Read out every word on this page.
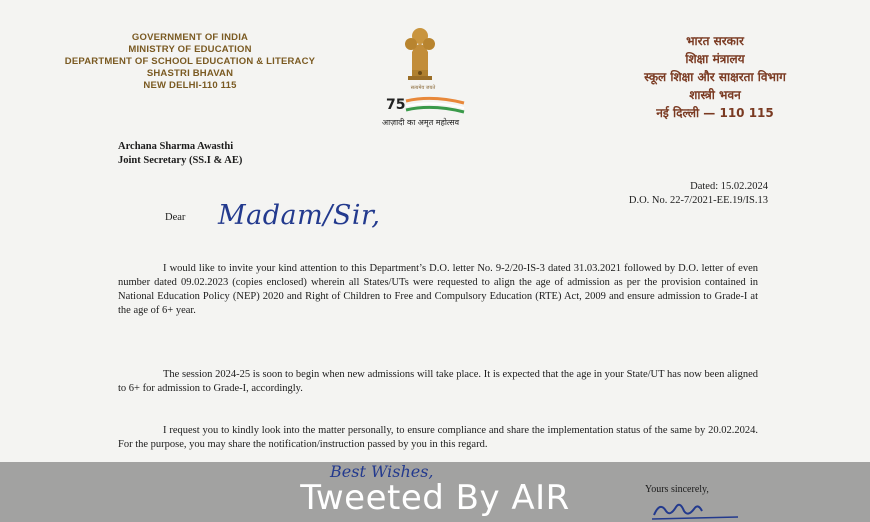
GOVERNMENT OF INDIA
MINISTRY OF EDUCATION
DEPARTMENT OF SCHOOL EDUCATION & LITERACY
SHASTRI BHAVAN
NEW DELHI-110 115	सत्यमेव जयते
75
आज़ादी का अमृत महोत्सव
भारत सरकार
शिक्षा मंत्रालय
स्कूल शिक्षा और साक्षरता विभाग
शास्त्री भवन
नई दिल्ली — 110 115
Archana Sharma Awasthi
Joint Secretary (SS.I & AE)
Dated: 15.02.2024
D.O. No. 22-7/2021-EE.19/IS.13
Dear Madam/Sir,
I would like to invite your kind attention to this Department’s D.O. letter No. 9-2/20-IS-3 dated 31.03.2021 followed by D.O. letter of even number dated 09.02.2023 (copies enclosed) wherein all States/UTs were requested to align the age of admission as per the provision contained in National Education Policy (NEP) 2020 and Right of Children to Free and Compulsory Education (RTE) Act, 2009 and ensure admission to Grade-I at the age of 6+ year.
The session 2024-25 is soon to begin when new admissions will take place. It is expected that the age in your State/UT has now been aligned to 6+ for admission to Grade-I, accordingly.
I request you to kindly look into the matter personally, to ensure compliance and share the implementation status of the same by 20.02.2024. For the purpose, you may share the notification/instruction passed by you in this regard.
Best Wishes,
Tweeted By AIR	Yours sincerely,
